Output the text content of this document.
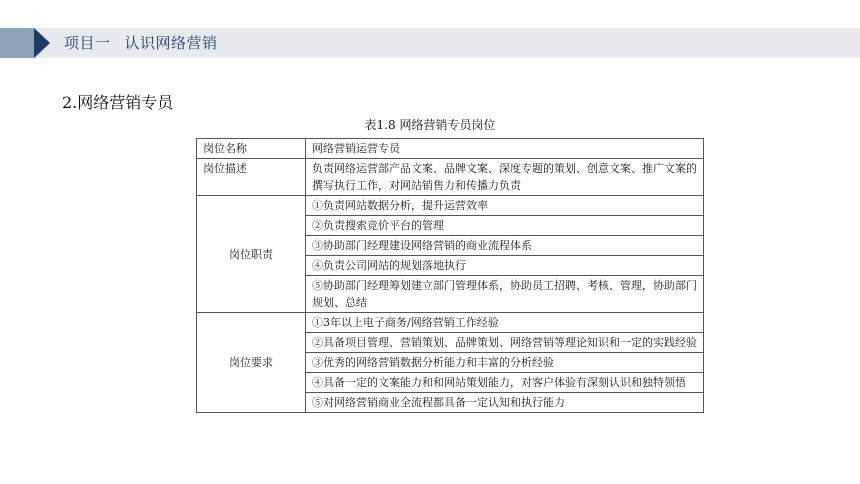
项目一 认识网络营销
2.网络营销专员
表1.8 网络营销专员岗位
岗位名称	网络营销运营专员
岗位描述	负责网络运营部产品文案、品牌文案、深度专题的策划、创意文案、推广文案的撰写执行工作，对网站销售力和传播力负责
岗位职责	①负责网站数据分析，提升运营效率
	②负责搜索竞价平台的管理
	③协助部门经理建设网络营销的商业流程体系
	④负责公司网站的规划落地执行
	⑤协助部门经理筹划建立部门管理体系，协助员工招聘、考核、管理，协助部门规划、总结
岗位要求	①3年以上电子商务/网络营销工作经验
	②具备项目管理、营销策划、品牌策划、网络营销等理论知识和一定的实践经验
	③优秀的网络营销数据分析能力和丰富的分析经验
	④具备一定的文案能力和和网站策划能力，对客户体验有深刻认识和独特领悟
	⑤对网络营销商业全流程都具备一定认知和执行能力
